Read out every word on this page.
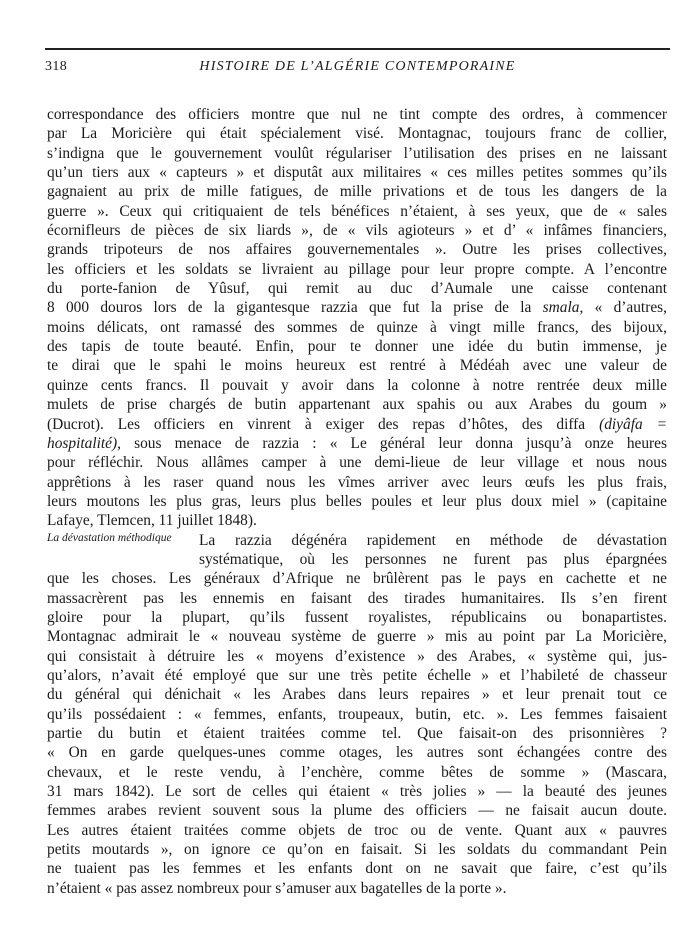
318	HISTOIRE DE L’ALGÉRIE CONTEMPORAINE
La dévastation méthodique
correspondance des officiers montre que nul ne tint compte des ordres, à commencer
par La Moricière qui était spécialement visé. Montagnac, toujours franc de collier,
s’indigna que le gouvernement voulût régulariser l’utilisation des prises en ne laissant
qu’un tiers aux « capteurs » et disputât aux militaires « ces milles petites sommes qu’ils
gagnaient au prix de mille fatigues, de mille privations et de tous les dangers de la
guerre ». Ceux qui critiquaient de tels bénéfices n’étaient, à ses yeux, que de « sales
écornifleurs de pièces de six liards », de « vils agioteurs » et d’ « infâmes financiers,
grands tripoteurs de nos affaires gouvernementales ». Outre les prises collectives,
les officiers et les soldats se livraient au pillage pour leur propre compte. A l’encontre
du porte-fanion de Yûsuf, qui remit au duc d’Aumale une caisse contenant
8 000 douros lors de la gigantesque razzia que fut la prise de la smala, « d’autres,
moins délicats, ont ramassé des sommes de quinze à vingt mille francs, des bijoux,
des tapis de toute beauté. Enfin, pour te donner une idée du butin immense, je
te dirai que le spahi le moins heureux est rentré à Médéah avec une valeur de
quinze cents francs. Il pouvait y avoir dans la colonne à notre rentrée deux mille
mulets de prise chargés de butin appartenant aux spahis ou aux Arabes du goum »
(Ducrot). Les officiers en vinrent à exiger des repas d’hôtes, des diffa (diyâfa =
hospitalité), sous menace de razzia : « Le général leur donna jusqu’à onze heures
pour réfléchir. Nous allâmes camper à une demi-lieue de leur village et nous nous
apprêtions à les raser quand nous les vîmes arriver avec leurs œufs les plus frais,
leurs moutons les plus gras, leurs plus belles poules et leur plus doux miel » (capitaine
Lafaye, Tlemcen, 11 juillet 1848).
La razzia dégénéra rapidement en méthode de dévastation
systématique, où les personnes ne furent pas plus épargnées
que les choses. Les généraux d’Afrique ne brûlèrent pas le pays en cachette et ne
massacrèrent pas les ennemis en faisant des tirades humanitaires. Ils s’en firent
gloire pour la plupart, qu’ils fussent royalistes, républicains ou bonapartistes.
Montagnac admirait le « nouveau système de guerre » mis au point par La Moricière,
qui consistait à détruire les « moyens d’existence » des Arabes, « système qui, jus-
qu’alors, n’avait été employé que sur une très petite échelle » et l’habileté de chasseur
du général qui dénichait « les Arabes dans leurs repaires » et leur prenait tout ce
qu’ils possédaient : « femmes, enfants, troupeaux, butin, etc. ». Les femmes faisaient
partie du butin et étaient traitées comme tel. Que faisait-on des prisonnières ?
« On en garde quelques-unes comme otages, les autres sont échangées contre des
chevaux, et le reste vendu, à l’enchère, comme bêtes de somme » (Mascara,
31 mars 1842). Le sort de celles qui étaient « très jolies » — la beauté des jeunes
femmes arabes revient souvent sous la plume des officiers — ne faisait aucun doute.
Les autres étaient traitées comme objets de troc ou de vente. Quant aux « pauvres
petits moutards », on ignore ce qu’on en faisait. Si les soldats du commandant Pein
ne tuaient pas les femmes et les enfants dont on ne savait que faire, c’est qu’ils
n’étaient « pas assez nombreux pour s’amuser aux bagatelles de la porte ».
